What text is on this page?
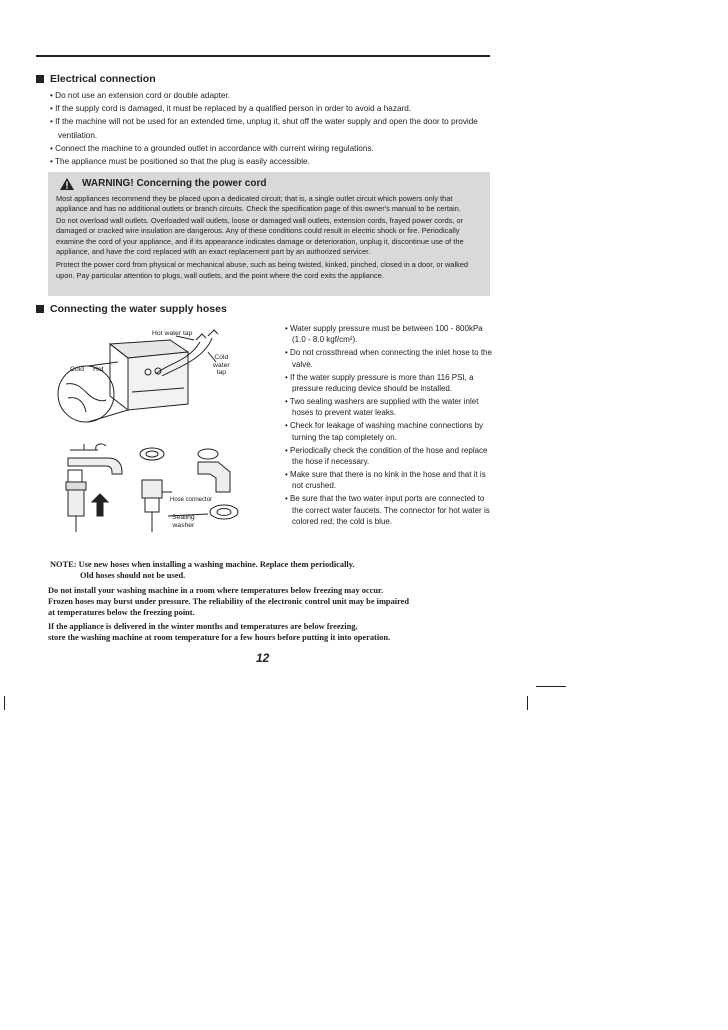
Electrical connection
• Do not use an extension cord or double adapter.
• If the supply cord is damaged, it must be replaced by a qualified person in order to avoid a hazard.
• If the machine will not be used for an extended time, unplug it, shut off the water supply and open the door to provide ventilation.
• Connect the machine to a grounded outlet in accordance with current wiring regulations.
• The appliance must be positioned so that the plug is easily accessible.
WARNING! Concerning the power cord

Most appliances recommend they be placed upon a dedicated circuit; that is, a single outlet circuit which powers only that appliance and has no additional outlets or branch circuits. Check the specification page of this owner's manual to be certain.

Do not overload wall outlets. Overloaded wall outlets, loose or damaged wall outlets, extension cords, frayed power cords, or damaged or cracked wire insulation are dangerous. Any of these conditions could result in electric shock or fire. Periodically examine the cord of your appliance, and if its appearance indicates damage or deterioration, unplug it, discontinue use of the appliance, and have the cord replaced with an exact replacement part by an authorized servicer.

Protect the power cord from physical or mechanical abuse, such as being twisted, kinked, pinched, closed in a door, or walked upon. Pay particular attention to plugs, wall outlets, and the point where the cord exits the appliance.

Connecting the water supply hoses
Hot water tap
Cold
water
tap
Cold Hot
Hose connector
Sealing
washer
• Water supply pressure must be between 100 - 800kPa (1.0 - 8.0 kgf/cm²).
• Do not crossthread when connecting the inlet hose to the valve.
• If the water supply pressure is more than 116 PSI, a pressure reducing device should be installed.
• Two sealing washers are supplied with the water inlet hoses to prevent water leaks.
• Check for leakage of washing machine connections by turning the tap completely on.
• Periodically check the condition of the hose and replace the hose if necessary.
• Make sure that there is no kink in the hose and that it is not crushed.
• Be sure that the two water input ports are connected to the correct water faucets. The connector for hot water is colored red; the cold is blue.
NOTE: Use new hoses when installing a washing machine. Replace them periodically.
Old hoses should not be used.
Do not install your washing machine in a room where temperatures below freezing may occur.
Frozen hoses may burst under pressure. The reliability of the electronic control unit may be impaired
at temperatures below the freezing point.
If the appliance is delivered in the winter months and temperatures are below freezing,
store the washing machine at room temperature for a few hours before putting it into operation.
12
